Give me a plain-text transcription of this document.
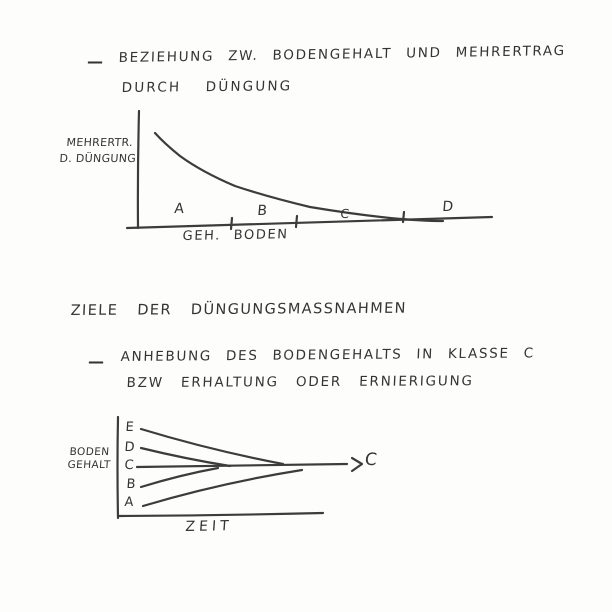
— BEZIEHUNG ZW. BODENGEHALT UND MEHRERTRAG
DURCH DÜNGUNG
MEHRERTR.
D. DÜNGUNG
A	B	C	D
GEH. BODEN
ZIELE DER DÜNGUNGSMASSNAHMEN
— ANHEBUNG DES BODENGEHALTS IN KLASSE C
BZW ERHALTUNG ODER ERNIERIGUNG
BODEN
GEHALT
E
D
C
B
A
C
ZEIT
